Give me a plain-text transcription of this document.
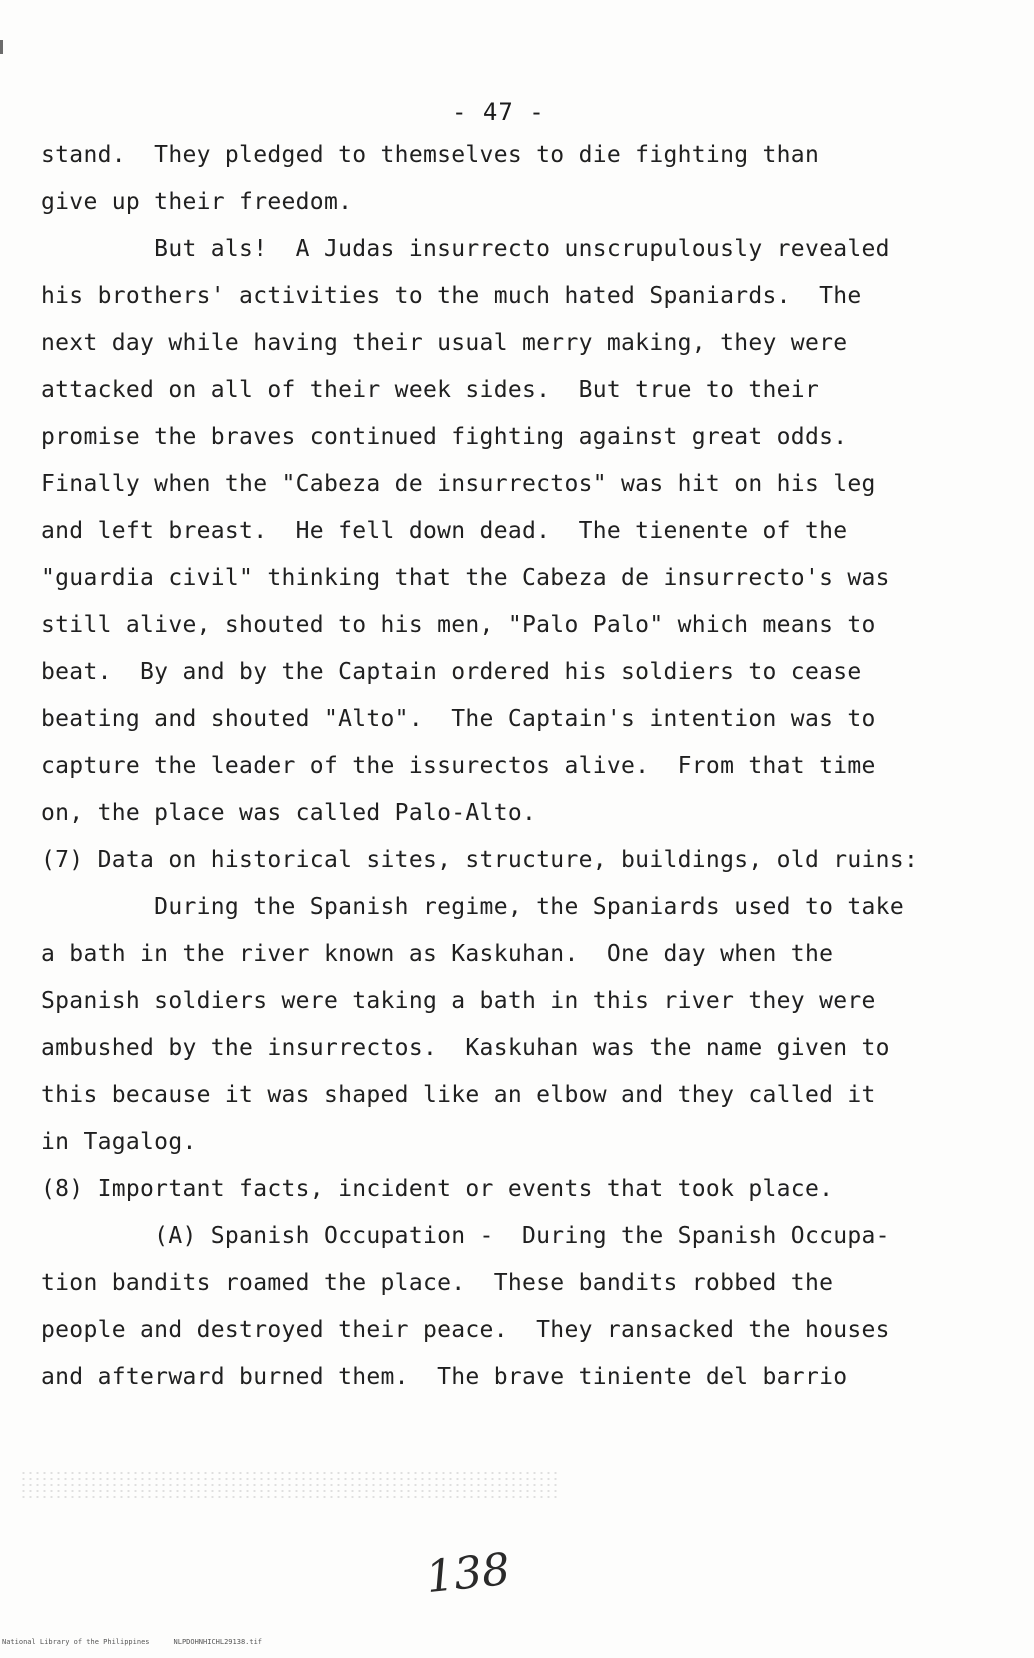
- 47 -
stand.  They pledged to themselves to die fighting than
give up their freedom.
But als!  A Judas insurrecto unscrupulously revealed
his brothers' activities to the much hated Spaniards.  The
next day while having their usual merry making, they were
attacked on all of their week sides.  But true to their
promise the braves continued fighting against great odds.
Finally when the "Cabeza de insurrectos" was hit on his leg
and left breast.  He fell down dead.  The tienente of the
"guardia civil" thinking that the Cabeza de insurrecto's was
still alive, shouted to his men, "Palo Palo" which means to
beat.  By and by the Captain ordered his soldiers to cease
beating and shouted "Alto".  The Captain's intention was to
capture the leader of the issurectos alive.  From that time
on, the place was called Palo-Alto.
(7) Data on historical sites, structure, buildings, old ruins:
During the Spanish regime, the Spaniards used to take
a bath in the river known as Kaskuhan.  One day when the
Spanish soldiers were taking a bath in this river they were
ambushed by the insurrectos.  Kaskuhan was the name given to
this because it was shaped like an elbow and they called it
in Tagalog.
(8) Important facts, incident or events that took place.
(A) Spanish Occupation -  During the Spanish Occupa-
tion bandits roamed the place.  These bandits robbed the
people and destroyed their peace.  They ransacked the houses
and afterward burned them.  The brave tiniente del barrio
138
National Library of the Philippines	NLPDOHNHICHL29138.tif
